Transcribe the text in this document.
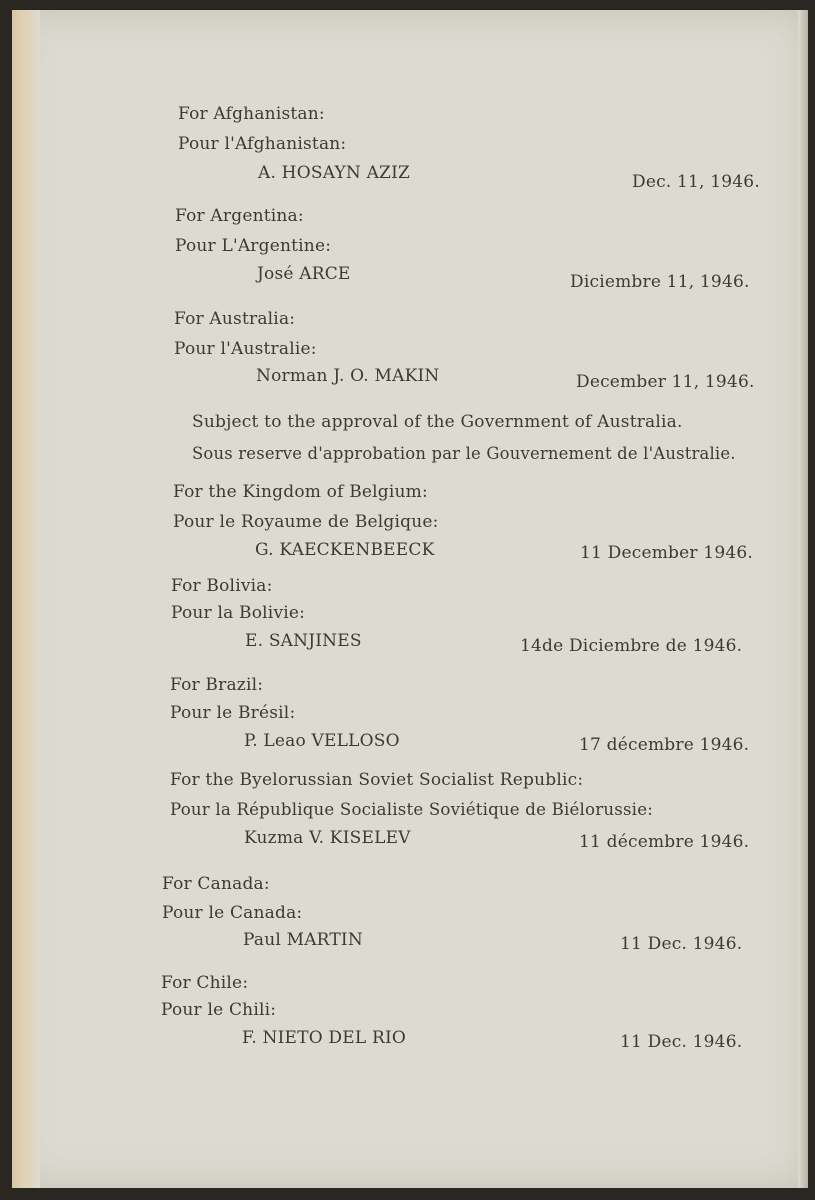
For Afghanistan:
Pour l'Afghanistan:
A. HOSAYN AZIZ	Dec. 11, 1946.
For Argentina:
Pour L'Argentine:
José ARCE	Diciembre 11, 1946.
For Australia:
Pour l'Australie:
Norman J. O. MAKIN	December 11, 1946.
Subject to the approval of the Government of Australia.
Sous reserve d'approbation par le Gouvernement de l'Australie.
For the Kingdom of Belgium:
Pour le Royaume de Belgique:
G. KAECKENBEECK	11 December 1946.
For Bolivia:
Pour la Bolivie:
E. SANJINES	14de Diciembre de 1946.
For Brazil:
Pour le Brésil:
P. Leao VELLOSO	17 décembre 1946.
For the Byelorussian Soviet Socialist Republic:
Pour la République Socialiste Soviétique de Biélorussie:
Kuzma V. KISELEV	11 décembre 1946.
For Canada:
Pour le Canada:
Paul MARTIN	11 Dec. 1946.
For Chile:
Pour le Chili:
F. NIETO DEL RIO	11 Dec. 1946.
